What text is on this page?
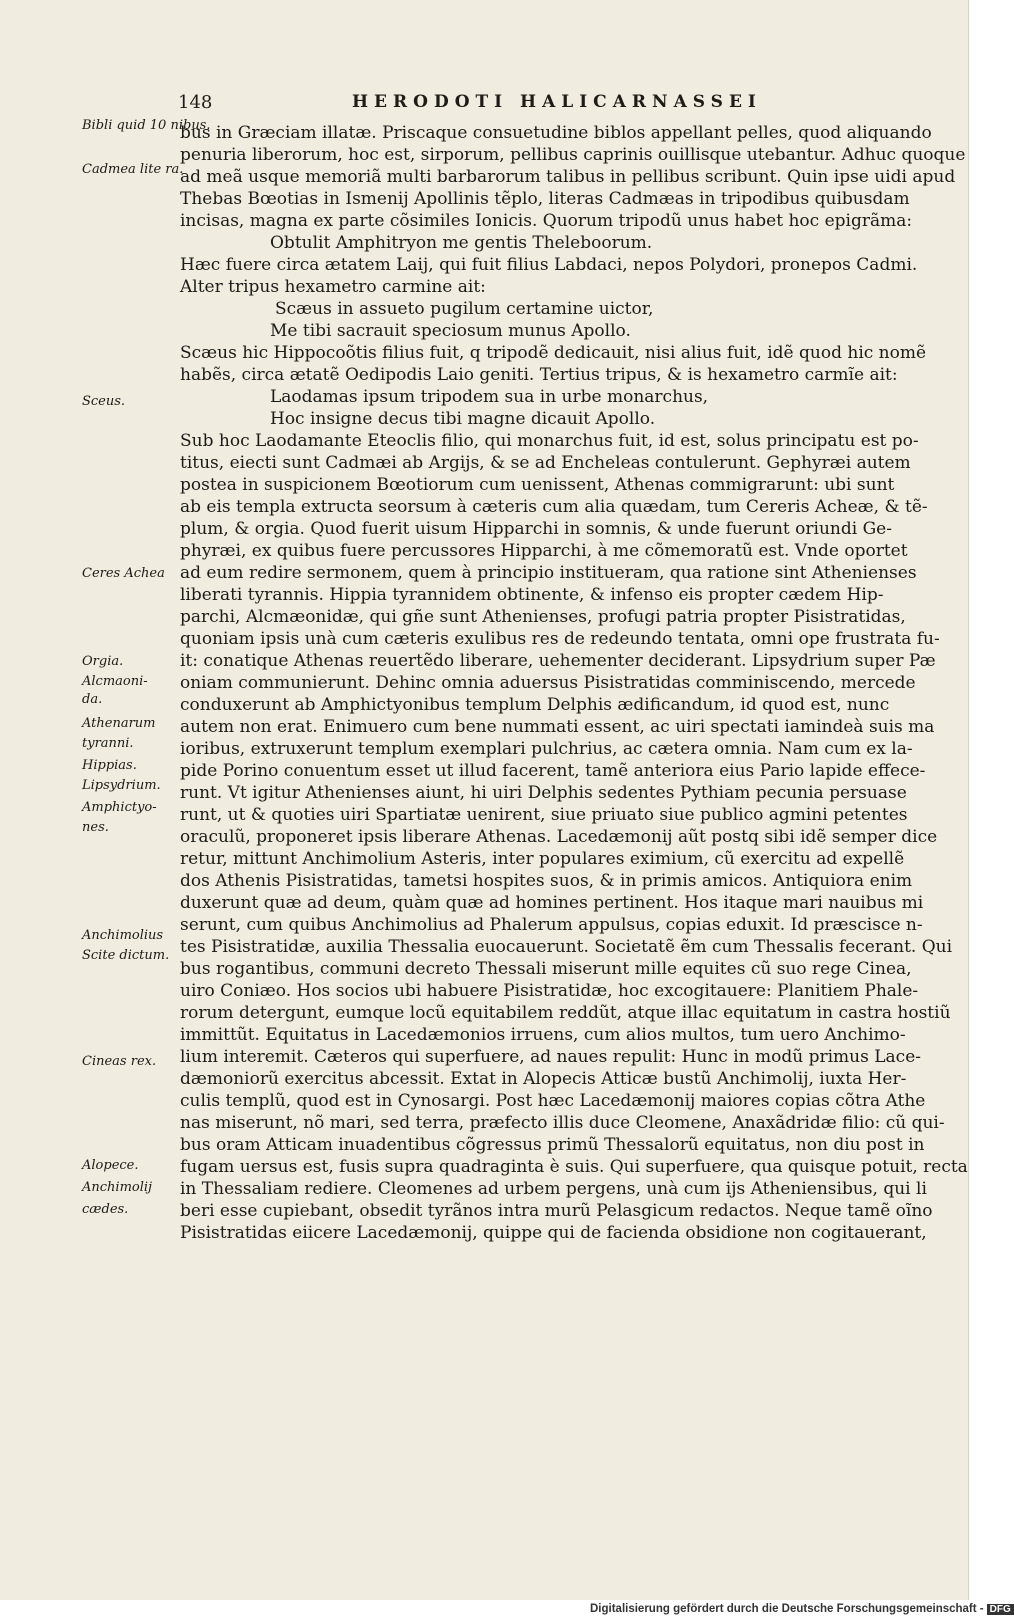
148	HERODOTI HALICARNASSEI
Bibli quid 10 nibus.
Cadmea lite ra.
Sceus.
Ceres Achea
Orgia.
Alcmaoni-
da.
Athenarum
tyranni.
Hippias.
Lipsydrium.
Amphictyo-
nes.
Anchimolius
Scite dictum.
Cineas rex.
Alopece.
Anchimolij
cædes.
bus in Græciam illatæ. Priscaque consuetudine biblos appellant pelles, quod aliquando
penuria liberorum, hoc est, sirporum, pellibus caprinis ouillisque utebantur. Adhuc quoque
ad meã usque memoriã multi barbarorum talibus in pellibus scribunt. Quin ipse uidi apud
Thebas Bœotias in Ismenij Apollinis tẽplo, literas Cadmæas in tripodibus quibusdam
incisas, magna ex parte cõsimiles Ionicis. Quorum tripodũ unus habet hoc epigrãma:
Obtulit Amphitryon me gentis Theleboorum.
Hæc fuere circa ætatem Laij, qui fuit filius Labdaci, nepos Polydori, pronepos Cadmi.
Alter tripus hexametro carmine ait:
Scæus in assueto pugilum certamine uictor,
Me tibi sacrauit speciosum munus Apollo.
Scæus hic Hippocoõtis filius fuit, q tripodẽ dedicauit, nisi alius fuit, idẽ quod hic nomẽ
habẽs, circa ætatẽ Oedipodis Laio geniti. Tertius tripus, & is hexametro carmĩe ait:
Laodamas ipsum tripodem sua in urbe monarchus,
Hoc insigne decus tibi magne dicauit Apollo.
Sub hoc Laodamante Eteoclis filio, qui monarchus fuit, id est, solus principatu est po-
titus, eiecti sunt Cadmæi ab Argijs, & se ad Encheleas contulerunt. Gephyræi autem
postea in suspicionem Bœotiorum cum uenissent, Athenas commigrarunt: ubi sunt
ab eis templa extructa seorsum à cæteris cum alia quædam, tum Cereris Acheæ, & tẽ-
plum, & orgia. Quod fuerit uisum Hipparchi in somnis, & unde fuerunt oriundi Ge-
phyræi, ex quibus fuere percussores Hipparchi, à me cõmemoratũ est. Vnde oportet
ad eum redire sermonem, quem à principio institueram, qua ratione sint Athenienses
liberati tyrannis. Hippia tyrannidem obtinente, & infenso eis propter cædem Hip-
parchi, Alcmæonidæ, qui gñe sunt Athenienses, profugi patria propter Pisistratidas,
quoniam ipsis unà cum cæteris exulibus res de redeundo tentata, omni ope frustrata fu-
it: conatique Athenas reuertẽdo liberare, uehementer deciderant. Lipsydrium super Pæ
oniam communierunt. Dehinc omnia aduersus Pisistratidas comminiscendo, mercede
conduxerunt ab Amphictyonibus templum Delphis ædificandum, id quod est, nunc
autem non erat. Enimuero cum bene nummati essent, ac uiri spectati iamindeà suis ma
ioribus, extruxerunt templum exemplari pulchrius, ac cætera omnia. Nam cum ex la-
pide Porino conuentum esset ut illud facerent, tamẽ anteriora eius Pario lapide effece-
runt. Vt igitur Athenienses aiunt, hi uiri Delphis sedentes Pythiam pecunia persuase
runt, ut & quoties uiri Spartiatæ uenirent, siue priuato siue publico agmini petentes
oraculũ, proponeret ipsis liberare Athenas. Lacedæmonij aũt postq sibi idẽ semper dice
retur, mittunt Anchimolium Asteris, inter populares eximium, cũ exercitu ad expellẽ
dos Athenis Pisistratidas, tametsi hospites suos, & in primis amicos. Antiquiora enim
duxerunt quæ ad deum, quàm quæ ad homines pertinent. Hos itaque mari nauibus mi
serunt, cum quibus Anchimolius ad Phalerum appulsus, copias eduxit. Id præscisce n-
tes Pisistratidæ, auxilia Thessalia euocauerunt. Societatẽ ẽm cum Thessalis fecerant. Qui
bus rogantibus, communi decreto Thessali miserunt mille equites cũ suo rege Cinea,
uiro Coniæo. Hos socios ubi habuere Pisistratidæ, hoc excogitauere: Planitiem Phale-
rorum detergunt, eumque locũ equitabilem reddũt, atque illac equitatum in castra hostiũ
immittũt. Equitatus in Lacedæmonios irruens, cum alios multos, tum uero Anchimo-
lium interemit. Cæteros qui superfuere, ad naues repulit: Hunc in modũ primus Lace-
dæmoniorũ exercitus abcessit. Extat in Alopecis Atticæ bustũ Anchimolij, iuxta Her-
culis templũ, quod est in Cynosargi. Post hæc Lacedæmonij maiores copias cõtra Athe
nas miserunt, nõ mari, sed terra, præfecto illis duce Cleomene, Anaxãdridæ filio: cũ qui-
bus oram Atticam inuadentibus cõgressus primũ Thessalorũ equitatus, non diu post in
fugam uersus est, fusis supra quadraginta è suis. Qui superfuere, qua quisque potuit, recta
in Thessaliam rediere. Cleomenes ad urbem pergens, unà cum ijs Atheniensibus, qui li
beri esse cupiebant, obsedit tyrãnos intra murũ Pelasgicum redactos. Neque tamẽ oĩno
Pisistratidas eiicere Lacedæmonij, quippe qui de facienda obsidione non cogitauerant,
Digitalisierung gefördert durch die Deutsche Forschungsgemeinschaft - DFG
